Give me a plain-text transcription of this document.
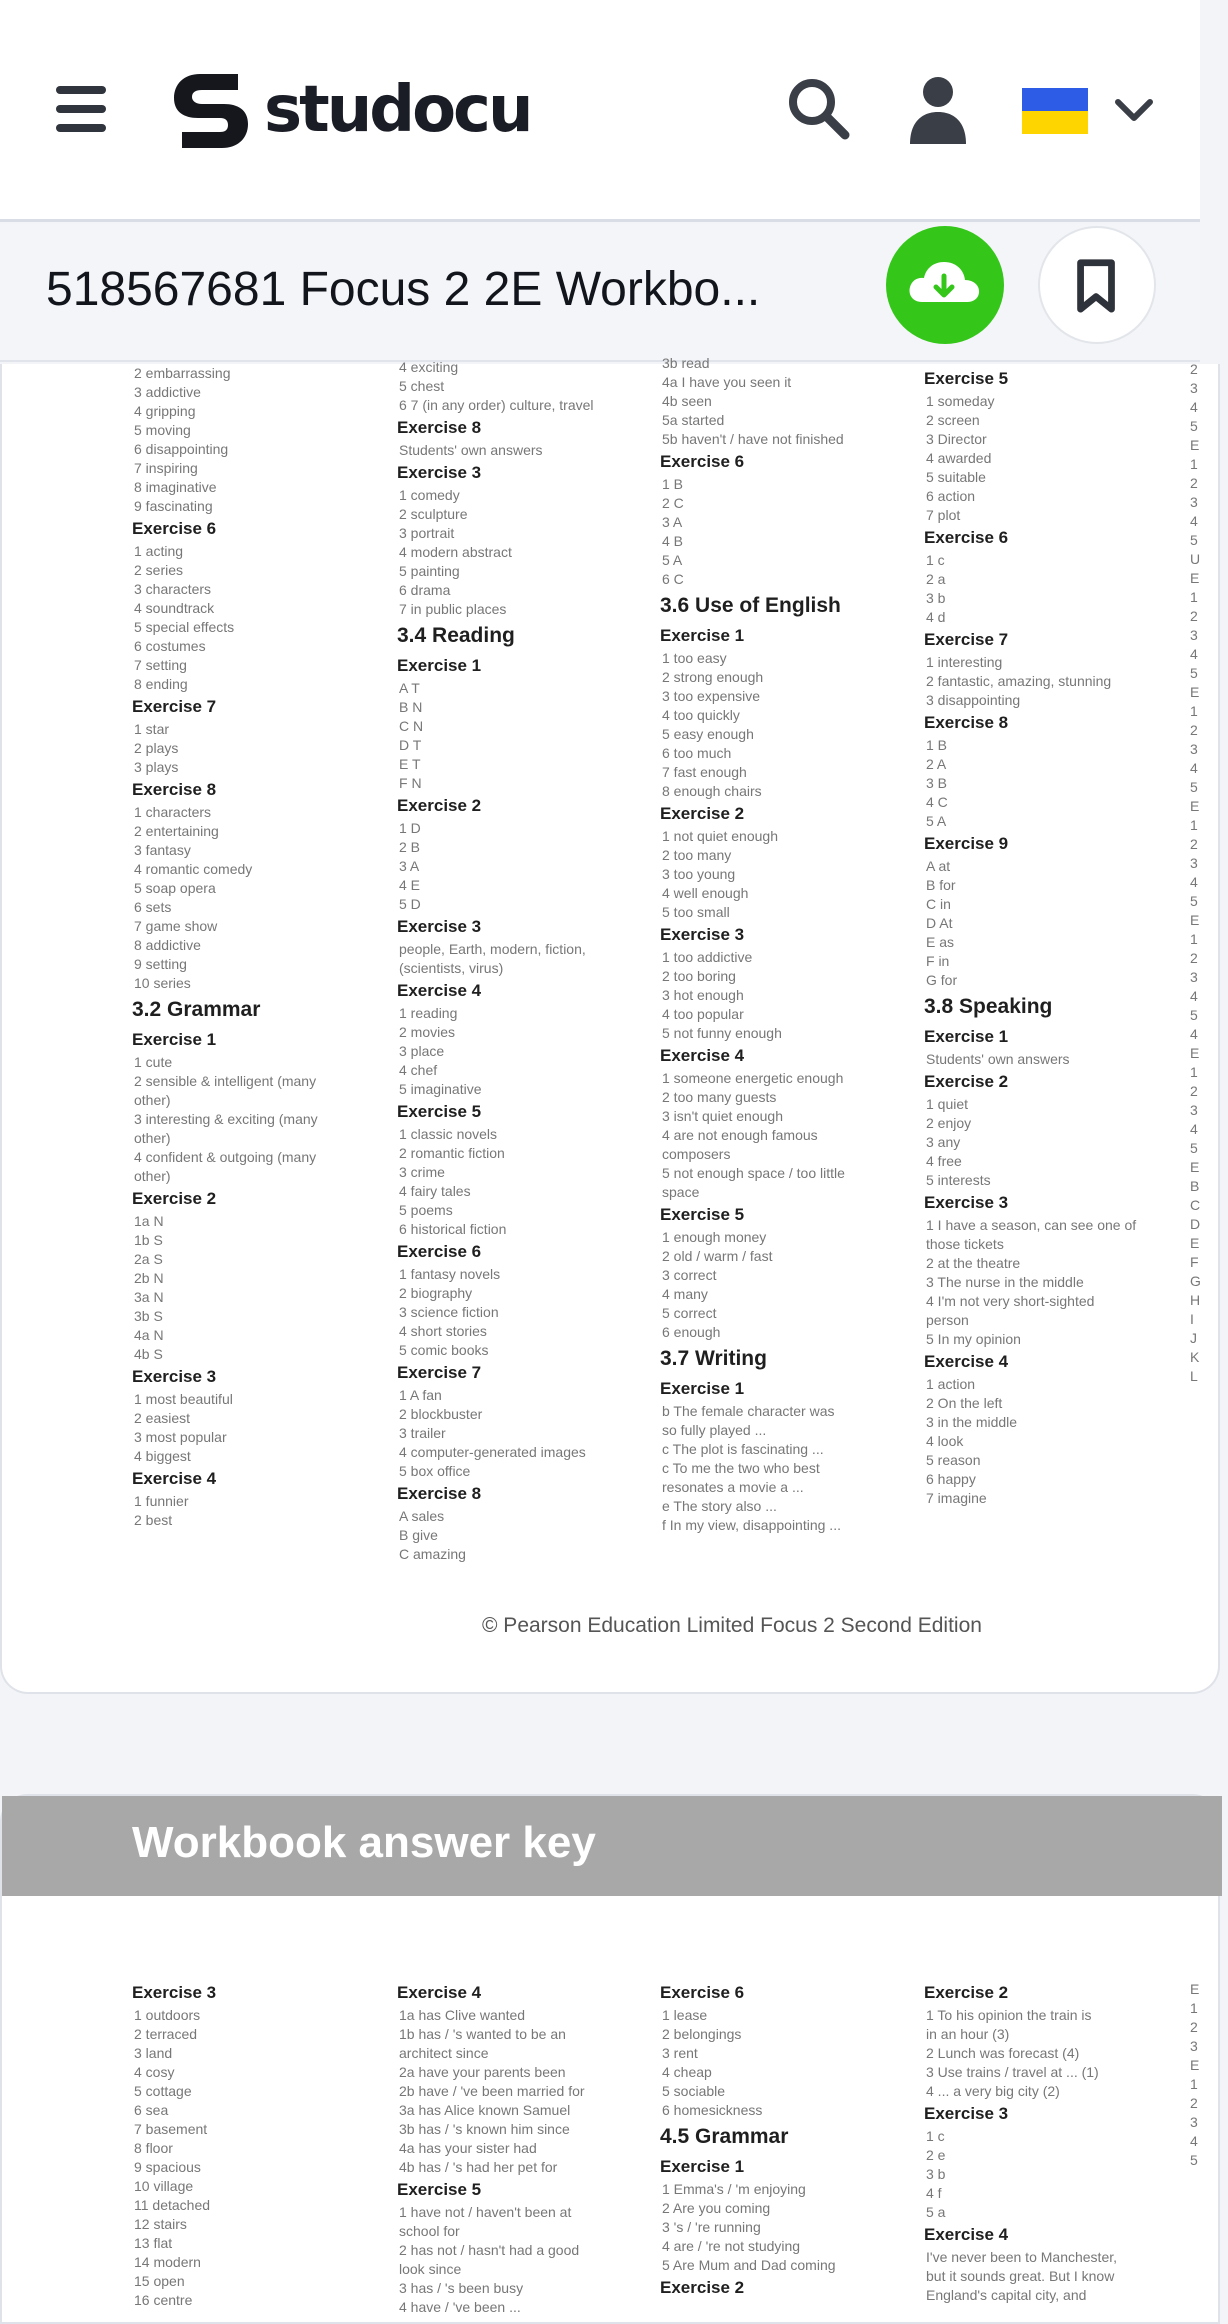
studocu
518567681 Focus 2 2E Workbo...
2 embarrassing
3 addictive
4 gripping
5 moving
6 disappointing
7 inspiring
8 imaginative
9 fascinating
Exercise 6
1 acting
2 series
3 characters
4 soundtrack
5 special effects
6 costumes
7 setting
8 ending
Exercise 7
1 star
2 plays
3 plays
Exercise 8
1 characters
2 entertaining
3 fantasy
4 romantic comedy
5 soap opera
6 sets
7 game show
8 addictive
9 setting
10 series
3.2 Grammar
Exercise 1
1 cute
2 sensible & intelligent (many
other)
3 interesting & exciting (many
other)
4 confident & outgoing (many
other)
Exercise 2
1a N
1b S
2a S
2b N
3a N
3b S
4a N
4b S
Exercise 3
1 most beautiful
2 easiest
3 most popular
4 biggest
Exercise 4
1 funnier
2 best
4 exciting
5 chest
6 7 (in any order) culture, travel
Exercise 8
Students' own answers
Exercise 3
1 comedy
2 sculpture
3 portrait
4 modern abstract
5 painting
6 drama
7 in public places
3.4 Reading
Exercise 1
A T
B N
C N
D T
E T
F N
Exercise 2
1 D
2 B
3 A
4 E
5 D
Exercise 3
people, Earth, modern, fiction,
(scientists, virus)
Exercise 4
1 reading
2 movies
3 place
4 chef
5 imaginative
Exercise 5
1 classic novels
2 romantic fiction
3 crime
4 fairy tales
5 poems
6 historical fiction
Exercise 6
1 fantasy novels
2 biography
3 science fiction
4 short stories
5 comic books
Exercise 7
1 A fan
2 blockbuster
3 trailer
4 computer-generated images
5 box office
Exercise 8
A sales
B give
C amazing
3b read
4a I have you seen it
4b seen
5a started
5b haven't / have not finished
Exercise 6
1 B
2 C
3 A
4 B
5 A
6 C
3.6 Use of English
Exercise 1
1 too easy
2 strong enough
3 too expensive
4 too quickly
5 easy enough
6 too much
7 fast enough
8 enough chairs
Exercise 2
1 not quiet enough
2 too many
3 too young
4 well enough
5 too small
Exercise 3
1 too addictive
2 too boring
3 hot enough
4 too popular
5 not funny enough
Exercise 4
1 someone energetic enough
2 too many guests
3 isn't quiet enough
4 are not enough famous
composers
5 not enough space / too little
space
Exercise 5
1 enough money
2 old / warm / fast
3 correct
4 many
5 correct
6 enough
3.7 Writing
Exercise 1
b The female character was
so fully played ...
c The plot is fascinating ...
c To me the two who best
resonates a movie a ...
e The story also ...
f In my view, disappointing ...
Exercise 5
1 someday
2 screen
3 Director
4 awarded
5 suitable
6 action
7 plot
Exercise 6
1 c
2 a
3 b
4 d
Exercise 7
1 interesting
2 fantastic, amazing, stunning
3 disappointing
Exercise 8
1 B
2 A
3 B
4 C
5 A
Exercise 9
A at
B for
C in
D At
E as
F in
G for
3.8 Speaking
Exercise 1
Students' own answers
Exercise 2
1 quiet
2 enjoy
3 any
4 free
5 interests
Exercise 3
1 I have a season, can see one of
those tickets
2 at the theatre
3 The nurse in the middle
4 I'm not very short-sighted
person
5 In my opinion
Exercise 4
1 action
2 On the left
3 in the middle
4 look
5 reason
6 happy
7 imagine
2
3
4
5
E
1
2
3
4
5
U
E
1
2
3
4
5
E
1
2
3
4
5
E
1
2
3
4
5
E
1
2
3
4
5
4
E
1
2
3
4
5
E
B
C
D
E
F
G
H
I
J
K
L
© Pearson Education Limited Focus 2 Second Edition
Workbook answer key
Exercise 3
1 outdoors
2 terraced
3 land
4 cosy
5 cottage
6 sea
7 basement
8 floor
9 spacious
10 village
11 detached
12 stairs
13 flat
14 modern
15 open
16 centre
Exercise 4
1a has Clive wanted
1b has / 's wanted to be an
architect since
2a have your parents been
2b have / 've been married for
3a has Alice known Samuel
3b has / 's known him since
4a has your sister had
4b has / 's had her pet for
Exercise 5
1 have not / haven't been at
school for
2 has not / hasn't had a good
look since
3 has / 's been busy
4 have / 've been ...
Exercise 6
1 lease
2 belongings
3 rent
4 cheap
5 sociable
6 homesickness
4.5 Grammar
Exercise 1
1 Emma's / 'm enjoying
2 Are you coming
3 's / 're running
4 are / 're not studying
5 Are Mum and Dad coming
Exercise 2
Exercise 2
1 To his opinion the train is
in an hour (3)
2 Lunch was forecast (4)
3 Use trains / travel at ... (1)
4 ... a very big city (2)
Exercise 3
1 c
2 e
3 b
4 f
5 a
Exercise 4
I've never been to Manchester,
but it sounds great. But I know
England's capital city, and
E
1
2
3
E
1
2
3
4
5
